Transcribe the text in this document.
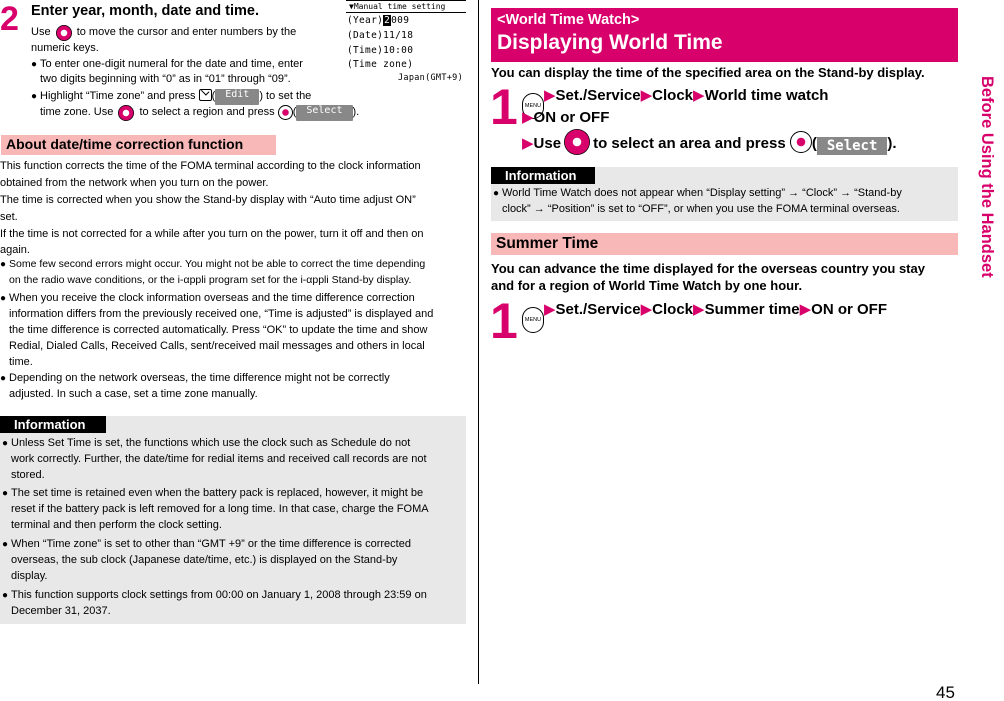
2 Enter year, month, date and time.
Use

to move the cursor and enter numbers by the
numeric keys.
● To enter one-digit numeral for the date and time, enter
two digits beginning with “0” as in “01” through “09”.
● Highlight “Time zone” and press
(	Edit ) to set the
time zone. Use

to select a region and press
(	Select ).
▼Manual time setting
(Year)2009
(Date)11/18
(Time)10:00
(Time zone)
Japan(GMT+9)
About date/time correction function
This function corrects the time of the FOMA terminal according to the clock information
obtained from the network when you turn on the power.
The time is corrected when you show the Stand-by display with “Auto time adjust ON”
set.
If the time is not corrected for a while after you turn on the power, turn it off and then on
again.
● Some few second errors might occur. You might not be able to correct the time depending
on the radio wave conditions, or the i-αppli program set for the i-αppli Stand-by display.
● When you receive the clock information overseas and the time difference correction
information differs from the previously received one, “Time is adjusted” is displayed and
the time difference is corrected automatically. Press “OK” to update the time and show
Redial, Dialed Calls, Received Calls, sent/received mail messages and others in local
time.
● Depending on the network overseas, the time difference might not be correctly
adjusted. In such a case, set a time zone manually.
Information
● Unless Set Time is set, the functions which use the clock such as Schedule do not
work correctly. Further, the date/time for redial items and received call records are not
stored.
● The set time is retained even when the battery pack is replaced, however, it might be
reset if the battery pack is left removed for a long time. In that case, charge the FOMA
terminal and then perform the clock setting.
● When “Time zone” is set to other than “GMT +9” or the time difference is corrected
overseas, the sub clock (Japanese date/time, etc.) is displayed on the Stand-by
display.
● This function supports clock settings from 00:00 on January 1, 2008 through 23:59 on
December 31, 2037.
<World Time Watch>
Displaying World Time
You can display the time of the specified area on the Stand-by display.
1	MENU▶Set./Service▶Clock▶World time watch
▶ON or OFF
▶Use to select an area and press ( Select ).
Information
● World Time Watch does not appear when “Display setting” → “Clock” → “Stand-by
clock” → “Position” is set to “OFF”, or when you use the FOMA terminal overseas.
Summer Time
You can advance the time displayed for the overseas country you stay
and for a region of World Time Watch by one hour.
1	MENU▶Set./Service▶Clock▶Summer time▶ON or OFF
Before Using the Handset
45
